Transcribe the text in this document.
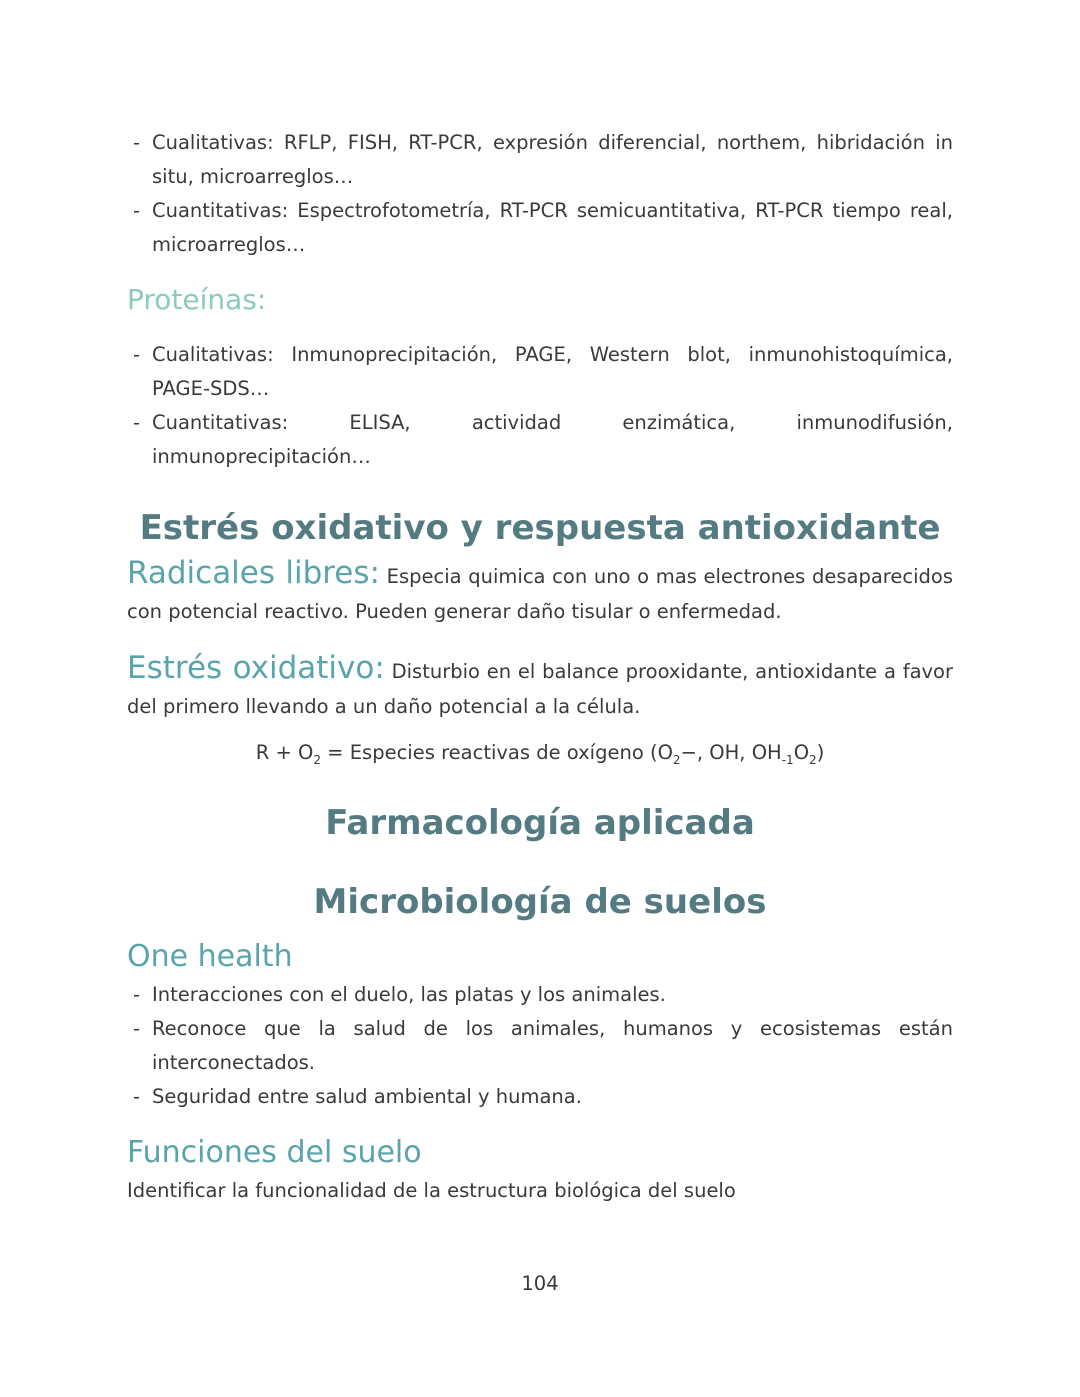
- Cualitativas: RFLP, FISH, RT-PCR, expresión diferencial, northem, hibridación in situ, microarreglos…
- Cuantitativas: Espectrofotometría, RT-PCR semicuantitativa, RT-PCR tiempo real, microarreglos…
Proteínas:
- Cualitativas: Inmunoprecipitación, PAGE, Western blot, inmunohistoquímica, PAGE-SDS…
- Cuantitativas: ELISA, actividad enzimática, inmunodifusión, inmunoprecipitación…
Estrés oxidativo y respuesta antioxidante

Radicales libres: Especia quimica con uno o mas electrones desaparecidos con potencial reactivo. Pueden generar daño tisular o enfermedad.

Estrés oxidativo: Disturbio en el balance prooxidante, antioxidante a favor del primero llevando a un daño potencial a la célula.

$R + O_2$ = Especies reactivas de oxígeno ($O_2-$, OH, $OH_{-1}O_2$)

Farmacología aplicada
Microbiología de suelos
One health
- Interacciones con el duelo, las platas y los animales.
- Reconoce que la salud de los animales, humanos y ecosistemas están interconectados.
- Seguridad entre salud ambiental y humana.
Funciones del suelo

Identificar la funcionalidad de la estructura biológica del suelo

104
